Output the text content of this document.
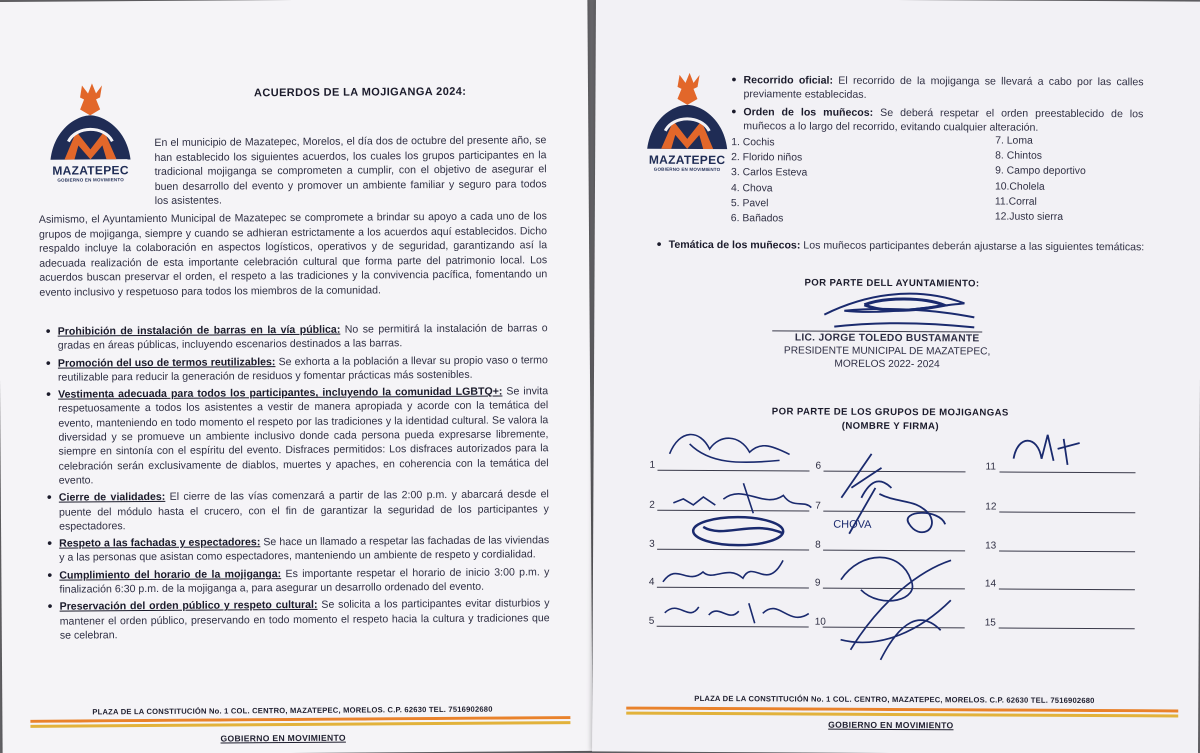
MAZATEPEC
GOBIERNO EN MOVIMIENTO
ACUERDOS DE LA MOJIGANGA 2024:

En el municipio de Mazatepec, Morelos, el día dos de octubre del presente año, se han establecido los siguientes acuerdos, los cuales los grupos participantes en la tradicional mojiganga se comprometen a cumplir, con el objetivo de asegurar el buen desarrollo del evento y promover un ambiente familiar y seguro para todos los asistentes.

Asimismo, el Ayuntamiento Municipal de Mazatepec se compromete a brindar su apoyo a cada uno de los grupos de mojiganga, siempre y cuando se adhieran estrictamente a los acuerdos aquí establecidos. Dicho respaldo incluye la colaboración en aspectos logísticos, operativos y de seguridad, garantizando así la adecuada realización de esta importante celebración cultural que forma parte del patrimonio local. Los acuerdos buscan preservar el orden, el respeto a las tradiciones y la convivencia pacífica, fomentando un evento inclusivo y respetuoso para todos los miembros de la comunidad.

• Prohibición de instalación de barras en la vía pública: No se permitirá la instalación de barras o gradas en áreas públicas, incluyendo escenarios destinados a las barras.
• Promoción del uso de termos reutilizables: Se exhorta a la población a llevar su propio vaso o termo reutilizable para reducir la generación de residuos y fomentar prácticas más sostenibles.
• Vestimenta adecuada para todos los participantes, incluyendo la comunidad LGBTQ+: Se invita respetuosamente a todos los asistentes a vestir de manera apropiada y acorde con la temática del evento, manteniendo en todo momento el respeto por las tradiciones y la identidad cultural. Se valora la diversidad y se promueve un ambiente inclusivo donde cada persona pueda expresarse libremente, siempre en sintonía con el espíritu del evento. Disfraces permitidos: Los disfraces autorizados para la celebración serán exclusivamente de diablos, muertes y apaches, en coherencia con la temática del evento.
• Cierre de vialidades: El cierre de las vías comenzará a partir de las 2:00 p.m. y abarcará desde el puente del módulo hasta el crucero, con el fin de garantizar la seguridad de los participantes y espectadores.
• Respeto a las fachadas y espectadores: Se hace un llamado a respetar las fachadas de las viviendas y a las personas que asistan como espectadores, manteniendo un ambiente de respeto y cordialidad.
• Cumplimiento del horario de la mojiganga: Es importante respetar el horario de inicio 3:00 p.m. y finalización 6:30 p.m. de la mojiganga a, para asegurar un desarrollo ordenado del evento.
• Preservación del orden público y respeto cultural: Se solicita a los participantes evitar disturbios y mantener el orden público, preservando en todo momento el respeto hacia la cultura y tradiciones que se celebran.
PLAZA DE LA CONSTITUCIÓN No. 1 COL. CENTRO, MAZATEPEC, MORELOS. C.P. 62630 TEL. 7516902680
GOBIERNO EN MOVIMIENTO
MAZATEPEC
GOBIERNO EN MOVIMIENTO
• Recorrido oficial: El recorrido de la mojiganga se llevará a cabo por las calles previamente establecidas.
• Orden de los muñecos: Se deberá respetar el orden preestablecido de los muñecos a lo largo del recorrido, evitando cualquier alteración.
1. Cochis
2. Florido niños
3. Carlos Esteva
4. Chova
5. Pavel
6. Bañados
7. Loma
8. Chintos
9. Campo deportivo
10.Cholela
11.Corral
12.Justo sierra
• Temática de los muñecos: Los muñecos participantes deberán ajustarse a las siguientes temáticas:
POR PARTE DELL AYUNTAMIENTO:
LIC. JORGE TOLEDO BUSTAMANTE
PRESIDENTE MUNICIPAL DE MAZATEPEC,
MORELOS 2022- 2024
POR PARTE DE LOS GRUPOS DE MOJIGANGAS
(NOMBRE Y FIRMA)
1
2
3
4
5
6
7
8
9
10
11
12
13
14
15
CHOVA
PLAZA DE LA CONSTITUCIÓN No. 1 COL. CENTRO, MAZATEPEC, MORELOS. C.P. 62630 TEL. 7516902680
GOBIERNO EN MOVIMIENTO
